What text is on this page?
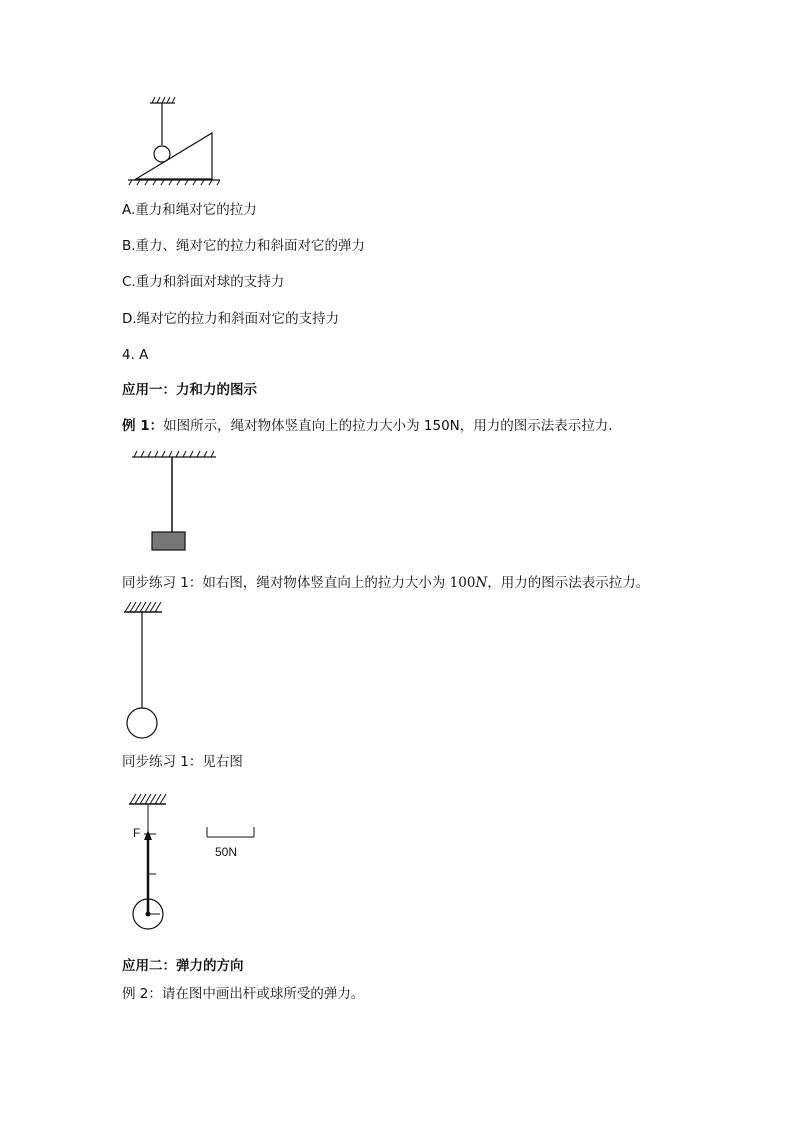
A.重力和绳对它的拉力
B.重力、绳对它的拉力和斜面对它的弹力
C.重力和斜面对球的支持力
D.绳对它的拉力和斜面对它的支持力
4. A
应用一：力和力的图示
例 1：如图所示，绳对物体竖直向上的拉力大小为 150N，用力的图示法表示拉力.
同步练习 1：如右图，绳对物体竖直向上的拉力大小为 100N，用力的图示法表示拉力。
同步练习 1：见右图
F
50N
应用二：弹力的方向
例 2：请在图中画出杆或球所受的弹力。
